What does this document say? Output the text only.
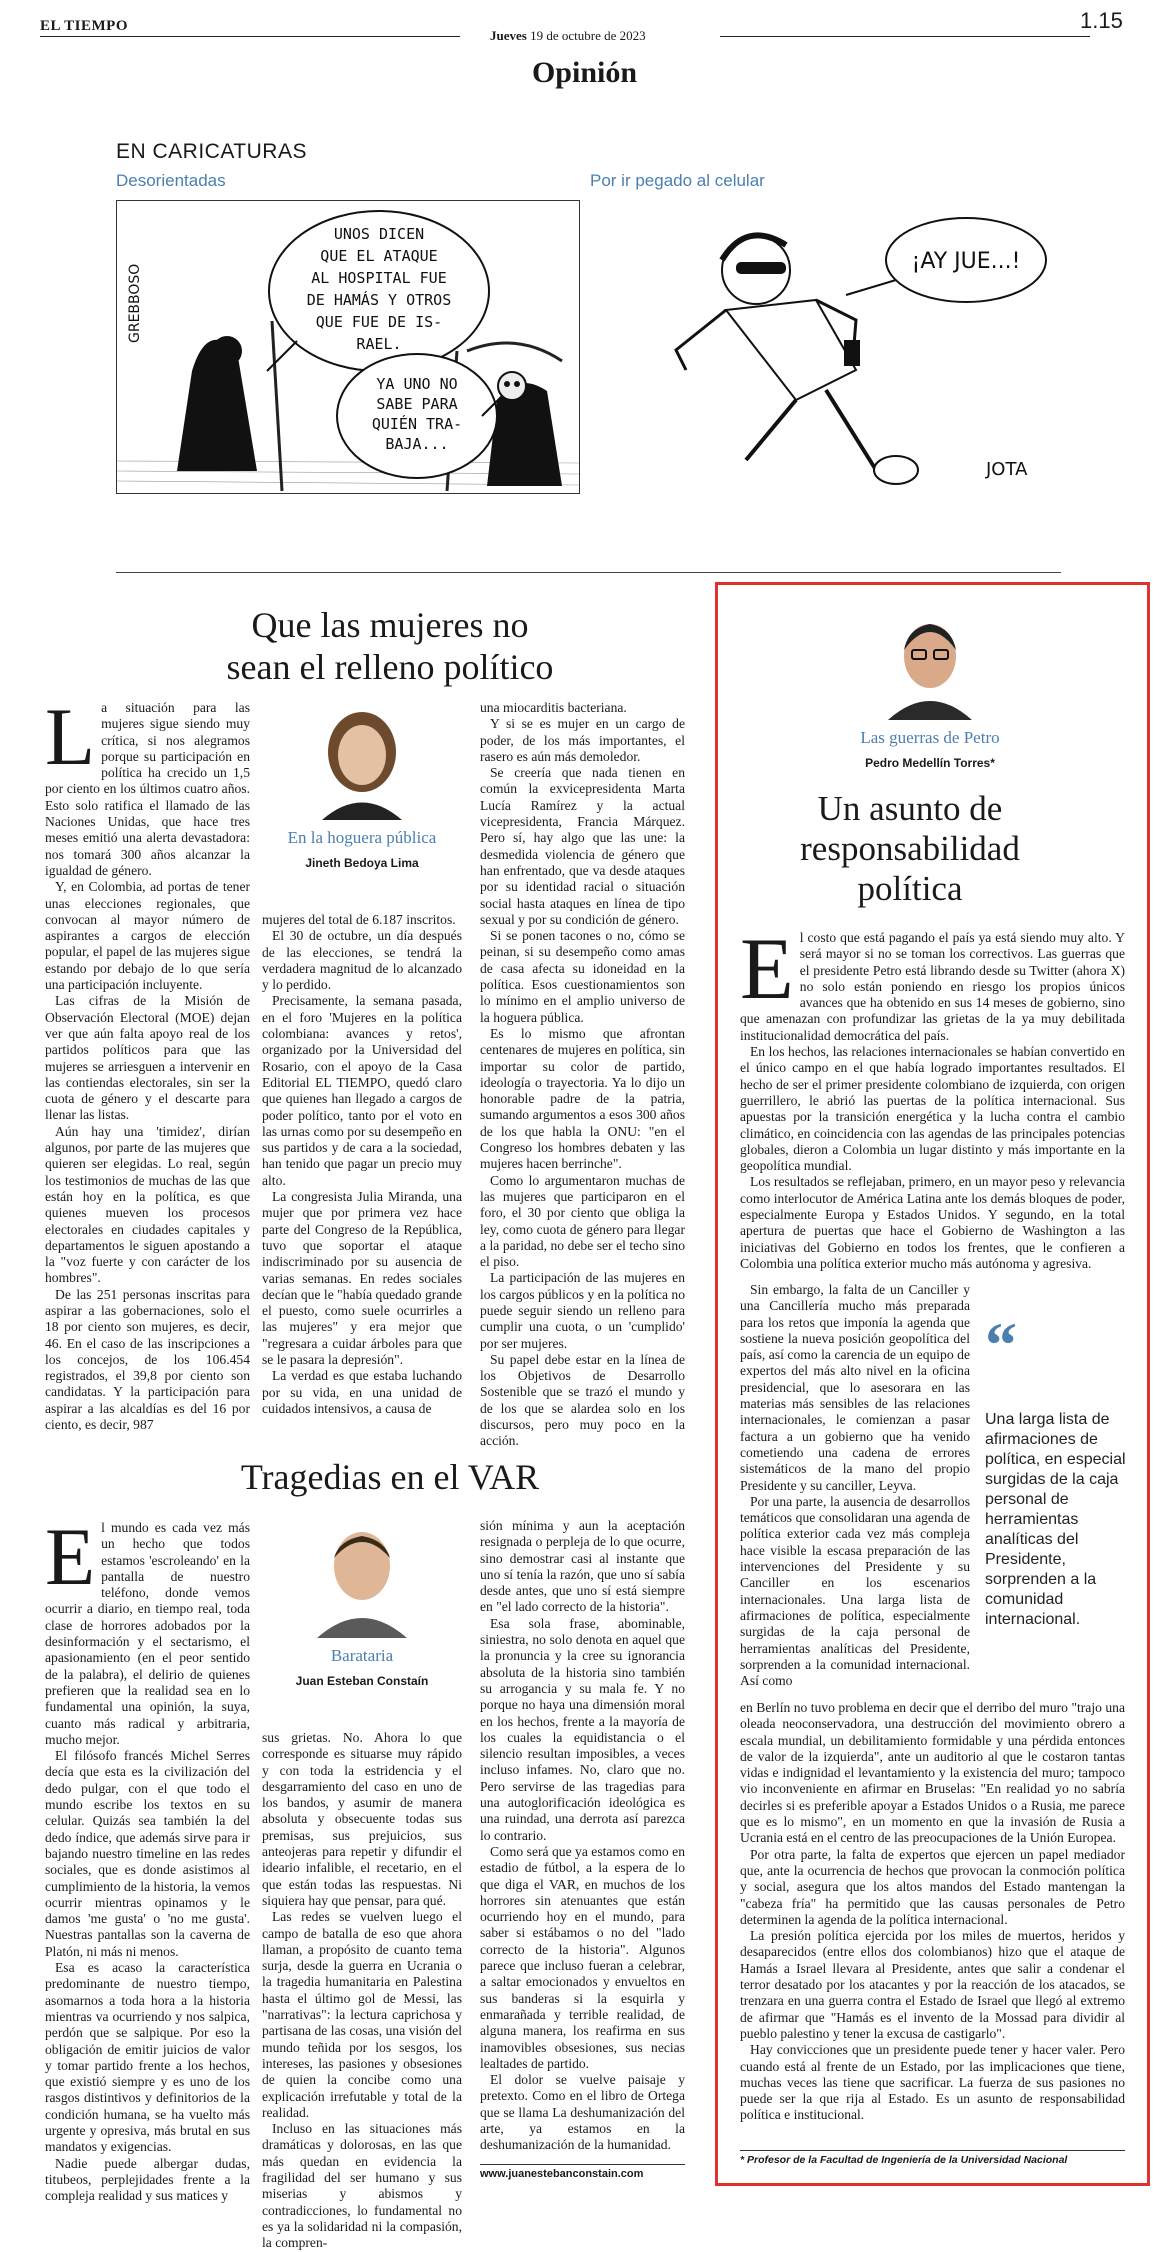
EL TIEMPO
Jueves 19 de octubre de 2023
1.15
Opinión
EN CARICATURAS
Desorientadas	Por ir pegado al celular
UNOS DICEN
QUE EL ATAQUE
AL HOSPITAL FUE
DE HAMÁS Y OTROS
QUE FUE DE IS-
RAEL.
YA UNO NO
SABE PARA
QUIÉN TRA-
BAJA...
GREBBOSO
¡AY JUE...!
JOTA
Que las mujeres no
sean el relleno político
L a situación para las mujeres sigue siendo muy crítica, si nos alegramos porque su participación en política ha crecido un 1,5 por ciento en los últimos cuatro años. Esto solo ratifica el llamado de las Naciones Unidas, que hace tres meses emitió una alerta devastadora: nos tomará 300 años alcanzar la igualdad de género.

Y, en Colombia, ad portas de tener unas elecciones regionales, que convocan al mayor número de aspirantes a cargos de elección popular, el papel de las mujeres sigue estando por debajo de lo que sería una participación incluyente.

Las cifras de la Misión de Observación Electoral (MOE) dejan ver que aún falta apoyo real de los partidos políticos para que las mujeres se arriesguen a intervenir en las contiendas electorales, sin ser la cuota de género y el descarte para llenar las listas.

Aún hay una 'timidez', dirían algunos, por parte de las mujeres que quieren ser elegidas. Lo real, según los testimonios de muchas de las que están hoy en la política, es que quienes mueven los procesos electorales en ciudades capitales y departamentos le siguen apostando a la "voz fuerte y con carácter de los hombres".

De las 251 personas inscritas para aspirar a las gobernaciones, solo el 18 por ciento son mujeres, es decir, 46. En el caso de las inscripciones a los concejos, de los 106.454 registrados, el 39,8 por ciento son candidatas. Y la participación para aspirar a las alcaldías es del 16 por ciento, es decir, 987

En la hoguera pública
Jineth Bedoya Lima

mujeres del total de 6.187 inscritos.

El 30 de octubre, un día después de las elecciones, se tendrá la verdadera magnitud de lo alcanzado y lo perdido.

Precisamente, la semana pasada, en el foro 'Mujeres en la política colombiana: avances y retos', organizado por la Universidad del Rosario, con el apoyo de la Casa Editorial EL TIEMPO, quedó claro que quienes han llegado a cargos de poder político, tanto por el voto en las urnas como por su desempeño en sus partidos y de cara a la sociedad, han tenido que pagar un precio muy alto.

La congresista Julia Miranda, una mujer que por primera vez hace parte del Congreso de la República, tuvo que soportar el ataque indiscriminado por su ausencia de varias semanas. En redes sociales decían que le "había quedado grande el puesto, como suele ocurrirles a las mujeres" y era mejor que "regresara a cuidar árboles para que se le pasara la depresión".

La verdad es que estaba luchando por su vida, en una unidad de cuidados intensivos, a causa de

una miocarditis bacteriana.

Y si se es mujer en un cargo de poder, de los más importantes, el rasero es aún más demoledor.

Se creería que nada tienen en común la exvicepresidenta Marta Lucía Ramírez y la actual vicepresidenta, Francia Márquez. Pero sí, hay algo que las une: la desmedida violencia de género que han enfrentado, que va desde ataques por su identidad racial o situación social hasta ataques en línea de tipo sexual y por su condición de género.

Si se ponen tacones o no, cómo se peinan, si su desempeño como amas de casa afecta su idoneidad en la política. Esos cuestionamientos son lo mínimo en el amplio universo de la hoguera pública.

Es lo mismo que afrontan centenares de mujeres en política, sin importar su color de partido, ideología o trayectoria. Ya lo dijo un honorable padre de la patria, sumando argumentos a esos 300 años de los que habla la ONU: "en el Congreso los hombres debaten y las mujeres hacen berrinche".

Como lo argumentaron muchas de las mujeres que participaron en el foro, el 30 por ciento que obliga la ley, como cuota de género para llegar a la paridad, no debe ser el techo sino el piso.

La participación de las mujeres en los cargos públicos y en la política no puede seguir siendo un relleno para cumplir una cuota, o un 'cumplido' por ser mujeres.

Su papel debe estar en la línea de los Objetivos de Desarrollo Sostenible que se trazó el mundo y de los que se alardea solo en los discursos, pero muy poco en la acción.

Tragedias en el VAR
E l mundo es cada vez más un hecho que todos estamos 'escroleando' en la pantalla de nuestro teléfono, donde vemos ocurrir a diario, en tiempo real, toda clase de horrores adobados por la desinformación y el sectarismo, el apasionamiento (en el peor sentido de la palabra), el delirio de quienes prefieren que la realidad sea en lo fundamental una opinión, la suya, cuanto más radical y arbitraria, mucho mejor.

El filósofo francés Michel Serres decía que esta es la civilización del dedo pulgar, con el que todo el mundo escribe los textos en su celular. Quizás sea también la del dedo índice, que además sirve para ir bajando nuestro timeline en las redes sociales, que es donde asistimos al cumplimiento de la historia, la vemos ocurrir mientras opinamos y le damos 'me gusta' o 'no me gusta'. Nuestras pantallas son la caverna de Platón, ni más ni menos.

Esa es acaso la característica predominante de nuestro tiempo, asomarnos a toda hora a la historia mientras va ocurriendo y nos salpica, perdón que se salpique. Por eso la obligación de emitir juicios de valor y tomar partido frente a los hechos, que existió siempre y es uno de los rasgos distintivos y definitorios de la condición humana, se ha vuelto más urgente y opresiva, más brutal en sus mandatos y exigencias.

Nadie puede albergar dudas, titubeos, perplejidades frente a la compleja realidad y sus matices y

Barataria
Juan Esteban Constaín

sus grietas. No. Ahora lo que corresponde es situarse muy rápido y con toda la estridencia y el desgarramiento del caso en uno de los bandos, y asumir de manera absoluta y obsecuente todas sus premisas, sus prejuicios, sus anteojeras para repetir y difundir el ideario infalible, el recetario, en el que están todas las respuestas. Ni siquiera hay que pensar, para qué.

Las redes se vuelven luego el campo de batalla de eso que ahora llaman, a propósito de cuanto tema surja, desde la guerra en Ucrania o la tragedia humanitaria en Palestina hasta el último gol de Messi, las "narrativas": la lectura caprichosa y partisana de las cosas, una visión del mundo teñida por los sesgos, los intereses, las pasiones y obsesiones de quien la concibe como una explicación irrefutable y total de la realidad.

Incluso en las situaciones más dramáticas y dolorosas, en las que más quedan en evidencia la fragilidad del ser humano y sus miserias y abismos y contradicciones, lo fundamental no es ya la solidaridad ni la compasión, la compren-

sión mínima y aun la aceptación resignada o perpleja de lo que ocurre, sino demostrar casi al instante que uno sí tenía la razón, que uno sí sabía desde antes, que uno sí está siempre en "el lado correcto de la historia".

Esa sola frase, abominable, siniestra, no solo denota en aquel que la pronuncia y la cree su ignorancia absoluta de la historia sino también su arrogancia y su mala fe. Y no porque no haya una dimensión moral en los hechos, frente a la mayoría de los cuales la equidistancia o el silencio resultan imposibles, a veces incluso infames. No, claro que no. Pero servirse de las tragedias para una autoglorificación ideológica es una ruindad, una derrota así parezca lo contrario.

Como será que ya estamos como en estadio de fútbol, a la espera de lo que diga el VAR, en muchos de los horrores sin atenuantes que están ocurriendo hoy en el mundo, para saber si estábamos o no del "lado correcto de la historia". Algunos parece que incluso fueran a celebrar, a saltar emocionados y envueltos en sus banderas si la esquirla y enmarañada y terrible realidad, de alguna manera, los reafirma en sus inamovibles obsesiones, sus necias lealtades de partido.

El dolor se vuelve paisaje y pretexto. Como en el libro de Ortega que se llama La deshumanización del arte, ya estamos en la deshumanización de la humanidad.

www.juanestebanconstain.com
Las guerras de Petro
Pedro Medellín Torres*
Un asunto de
responsabilidad
política
E l costo que está pagando el país ya está siendo muy alto. Y será mayor si no se toman los correctivos. Las guerras que el presidente Petro está librando desde su Twitter (ahora X) no solo están poniendo en riesgo los propios únicos avances que ha obtenido en sus 14 meses de gobierno, sino que amenazan con profundizar las grietas de la ya muy debilitada institucionalidad democrática del país.

En los hechos, las relaciones internacionales se habían convertido en el único campo en el que había logrado importantes resultados. El hecho de ser el primer presidente colombiano de izquierda, con origen guerrillero, le abrió las puertas de la política internacional. Sus apuestas por la transición energética y la lucha contra el cambio climático, en coincidencia con las agendas de las principales potencias globales, dieron a Colombia un lugar distinto y más importante en la geopolítica mundial.

Los resultados se reflejaban, primero, en un mayor peso y relevancia como interlocutor de América Latina ante los demás bloques de poder, especialmente Europa y Estados Unidos. Y segundo, en la total apertura de puertas que hace el Gobierno de Washington a las iniciativas del Gobierno en todos los frentes, que le confieren a Colombia una política exterior mucho más autónoma y agresiva.

Sin embargo, la falta de un Canciller y una Cancillería mucho más preparada para los retos que imponía la agenda que sostiene la nueva posición geopolítica del país, así como la carencia de un equipo de expertos del más alto nivel en la oficina presidencial, que lo asesorara en las materias más sensibles de las relaciones internacionales, le comienzan a pasar factura a un gobierno que ha venido cometiendo una cadena de errores sistemáticos de la mano del propio Presidente y su canciller, Leyva.

Por una parte, la ausencia de desarrollos temáticos que consolidaran una agenda de política exterior cada vez más compleja hace visible la escasa preparación de las intervenciones del Presidente y su Canciller en los escenarios internacionales. Una larga lista de afirmaciones de política, especialmente surgidas de la caja personal de herramientas analíticas del Presidente, sorprenden a la comunidad internacional. Así como

“
Una larga lista de afirmaciones de política, en especial surgidas de la caja personal de herramientas analíticas del Presidente, sorprenden a la comunidad internacional.

en Berlín no tuvo problema en decir que el derribo del muro "trajo una oleada neoconservadora, una destrucción del movimiento obrero a escala mundial, un debilitamiento formidable y una pérdida entonces de valor de la izquierda", ante un auditorio al que le costaron tantas vidas e indignidad el levantamiento y la existencia del muro; tampoco vio inconveniente en afirmar en Bruselas: "En realidad yo no sabría decirles si es preferible apoyar a Estados Unidos o a Rusia, me parece que es lo mismo", en un momento en que la invasión de Rusia a Ucrania está en el centro de las preocupaciones de la Unión Europea.

Por otra parte, la falta de expertos que ejercen un papel mediador que, ante la ocurrencia de hechos que provocan la conmoción política y social, asegura que los altos mandos del Estado mantengan la "cabeza fría" ha permitido que las causas personales de Petro determinen la agenda de la política internacional.

La presión política ejercida por los miles de muertos, heridos y desaparecidos (entre ellos dos colombianos) hizo que el ataque de Hamás a Israel llevara al Presidente, antes que salir a condenar el terror desatado por los atacantes y por la reacción de los atacados, se trenzara en una guerra contra el Estado de Israel que llegó al extremo de afirmar que "Hamás es el invento de la Mossad para dividir al pueblo palestino y tener la excusa de castigarlo".

Hay convicciones que un presidente puede tener y hacer valer. Pero cuando está al frente de un Estado, por las implicaciones que tiene, muchas veces las tiene que sacrificar. La fuerza de sus pasiones no puede ser la que rija al Estado. Es un asunto de responsabilidad política e institucional.

* Profesor de la Facultad de Ingeniería de la Universidad Nacional
